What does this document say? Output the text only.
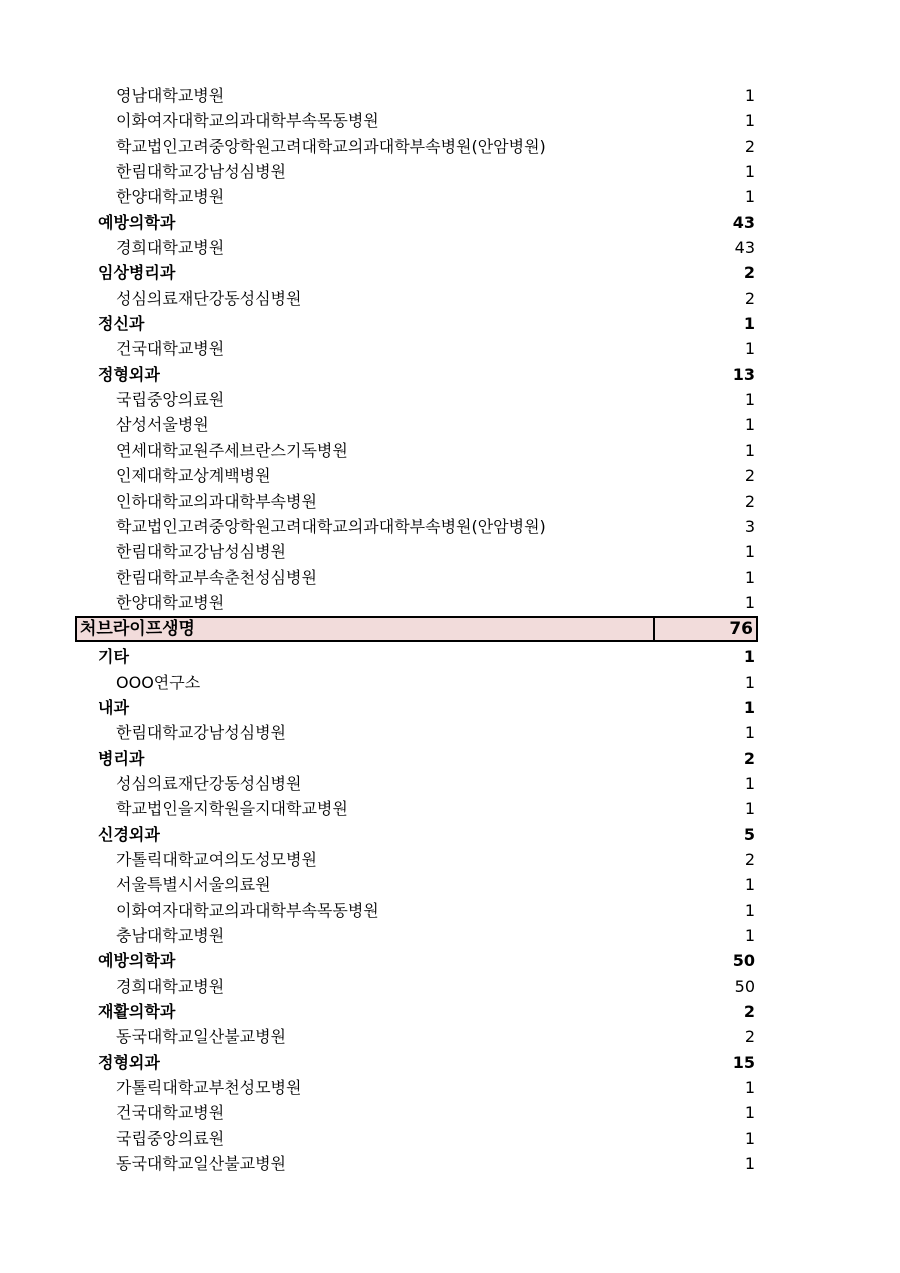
영남대학교병원	1
이화여자대학교의과대학부속목동병원	1
학교법인고려중앙학원고려대학교의과대학부속병원(안암병원)	2
한림대학교강남성심병원	1
한양대학교병원	1
예방의학과	43
경희대학교병원	43
임상병리과	2
성심의료재단강동성심병원	2
정신과	1
건국대학교병원	1
정형외과	13
국립중앙의료원	1
삼성서울병원	1
연세대학교원주세브란스기독병원	1
인제대학교상계백병원	2
인하대학교의과대학부속병원	2
학교법인고려중앙학원고려대학교의과대학부속병원(안암병원)	3
한림대학교강남성심병원	1
한림대학교부속춘천성심병원	1
한양대학교병원	1
처브라이프생명	76
기타	1
OOO연구소	1
내과	1
한림대학교강남성심병원	1
병리과	2
성심의료재단강동성심병원	1
학교법인을지학원을지대학교병원	1
신경외과	5
가톨릭대학교여의도성모병원	2
서울특별시서울의료원	1
이화여자대학교의과대학부속목동병원	1
충남대학교병원	1
예방의학과	50
경희대학교병원	50
재활의학과	2
동국대학교일산불교병원	2
정형외과	15
가톨릭대학교부천성모병원	1
건국대학교병원	1
국립중앙의료원	1
동국대학교일산불교병원	1
